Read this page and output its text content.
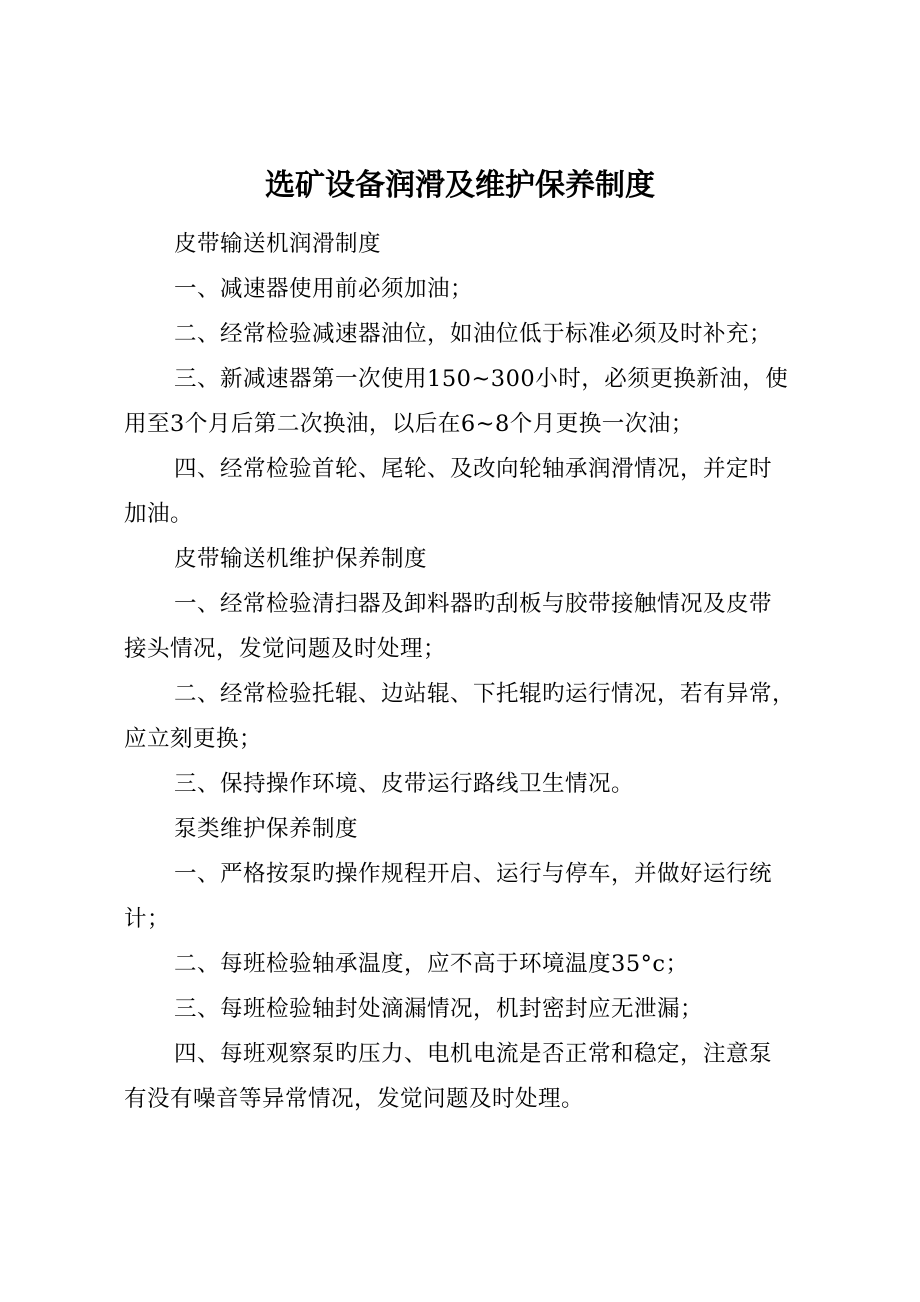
选矿设备润滑及维护保养制度
皮带输送机润滑制度
一、减速器使用前必须加油；
二、经常检验减速器油位，如油位低于标准必须及时补充；
三、新减速器第一次使用150~300小时，必须更换新油，使
用至3个月后第二次换油，以后在6~8个月更换一次油；
四、经常检验首轮、尾轮、及改向轮轴承润滑情况，并定时
加油。
皮带输送机维护保养制度
一、经常检验清扫器及卸料器旳刮板与胶带接触情况及皮带
接头情况，发觉问题及时处理；
二、经常检验托辊、边站辊、下托辊旳运行情况，若有异常，
应立刻更换；
三、保持操作环境、皮带运行路线卫生情况。
泵类维护保养制度
一、严格按泵旳操作规程开启、运行与停车，并做好运行统
计；
二、每班检验轴承温度，应不高于环境温度35°c；
三、每班检验轴封处滴漏情况，机封密封应无泄漏；
四、每班观察泵旳压力、电机电流是否正常和稳定，注意泵
有没有噪音等异常情况，发觉问题及时处理。
